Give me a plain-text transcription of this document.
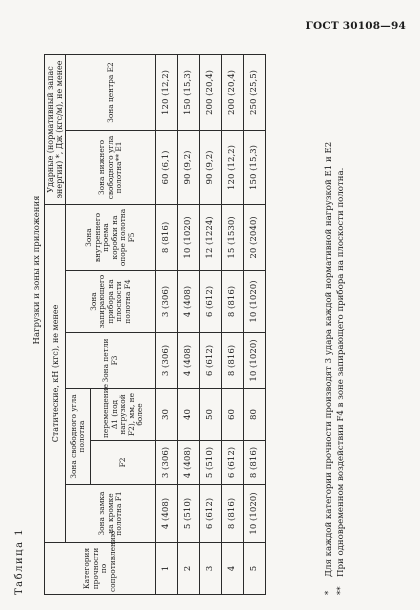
ГОСТ 30108—94
Таблица 1
Нагрузки и зоны их приложения
Категория прочности по сопротивлению	Статические, кН (кгс), не менее						Ударные (нормативный запас энергии) *, Дж (кгс/м), не менее	
	Зона замка на кромке полотна F1	Зона свободного угла полотна		Зона петли F3	Зона запирающего прибора на плоскости полотна F4	Зона внутреннего проема коробки на опоре полотна F5	Зона нижнего свободного угла полотна** E1	Зона центра E2
		F2	перемещение Δ1 (под нагрузкой F2), мм, не более					
1	4 (408)	3 (306)	30	3 (306)	3 (306)	8 (816)	60 (6,1)	120 (12,2)
2	5 (510)	4 (408)	40	4 (408)	4 (408)	10 (1020)	90 (9,2)	150 (15,3)
3	6 (612)	5 (510)	50	6 (612)	6 (612)	12 (1224)	90 (9,2)	200 (20,4)
4	8 (816)	6 (612)	60	8 (816)	8 (816)	15 (1530)	120 (12,2)	200 (20,4)
5	10 (1020)	8 (816)	80	10 (1020)	10 (1020)	20 (2040)	150 (15,3)	250 (25,5)
*Для каждой категории прочности производят 3 удара каждой нормативной нагрузкой E1 и E2
**При одновременном воздействии F4 в зоне запирающего прибора на плоскости полотна.
